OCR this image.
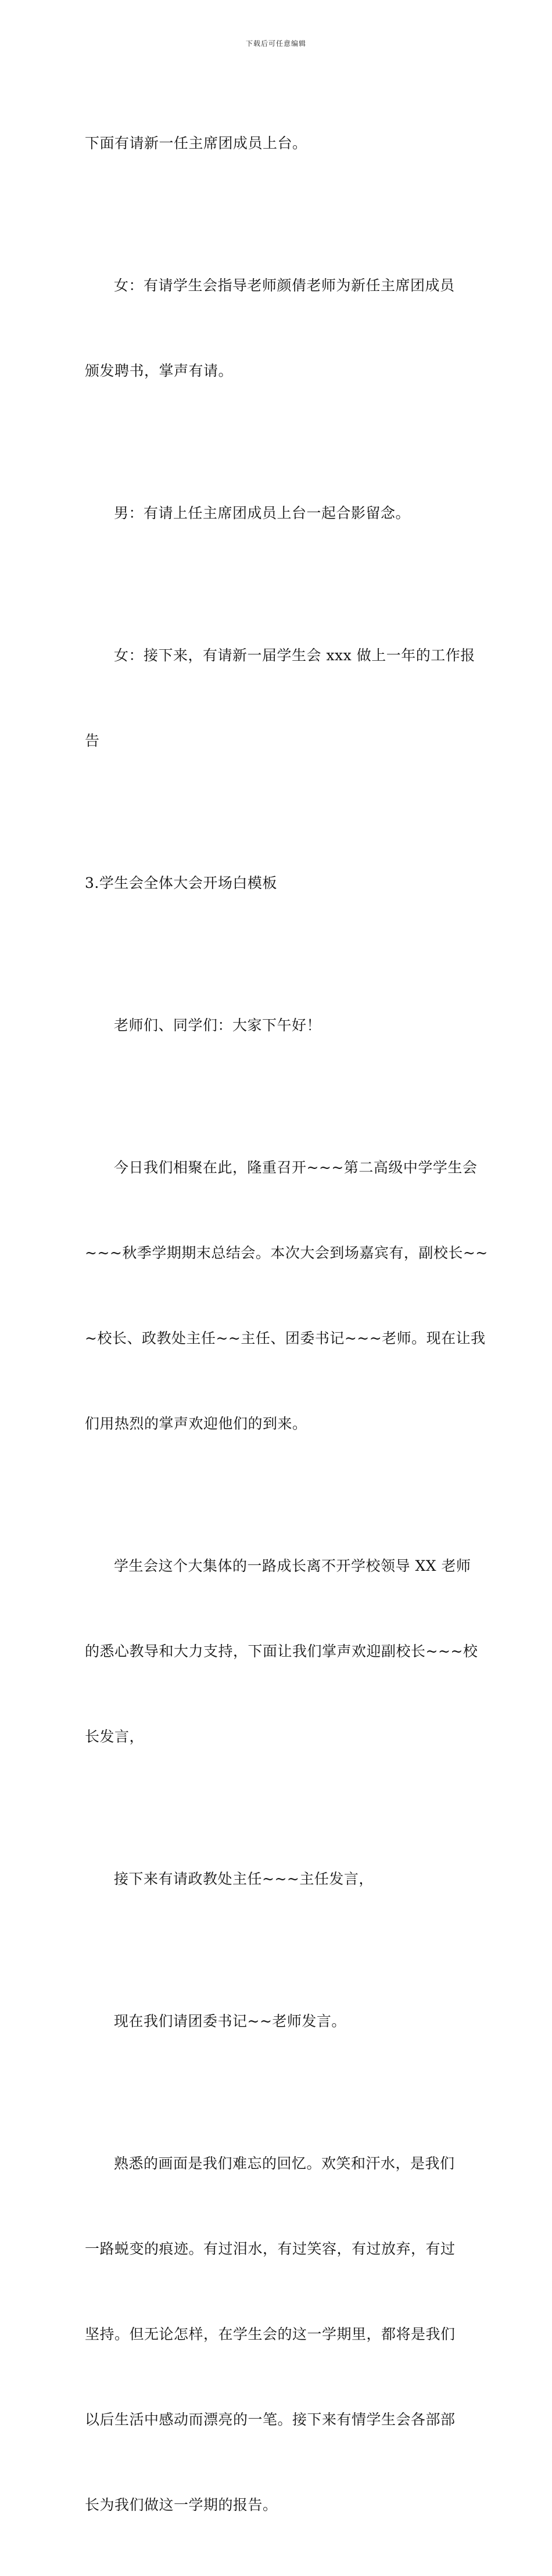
下载后可任意编辑

下面有请新一任主席团成员上台。

女：有请学生会指导老师颜倩老师为新任主席团成员

颁发聘书，掌声有请。

男：有请上任主席团成员上台一起合影留念。

女：接下来，有请新一届学生会 xxx 做上一年的工作报

告

3.学生会全体大会开场白模板

老师们、同学们：大家下午好！

今日我们相聚在此，隆重召开~~~第二高级中学学生会

~~~秋季学期期末总结会。本次大会到场嘉宾有，副校长~~

~校长、政教处主任~~主任、团委书记~~~老师。现在让我

们用热烈的掌声欢迎他们的到来。

学生会这个大集体的一路成长离不开学校领导 XX 老师

的悉心教导和大力支持，下面让我们掌声欢迎副校长~~~校

长发言，

接下来有请政教处主任~~~主任发言，

现在我们请团委书记~~老师发言。

熟悉的画面是我们难忘的回忆。欢笑和汗水，是我们

一路蜕变的痕迹。有过泪水，有过笑容，有过放弃，有过

坚持。但无论怎样，在学生会的这一学期里，都将是我们

以后生活中感动而漂亮的一笔。接下来有情学生会各部部

长为我们做这一学期的报告。
